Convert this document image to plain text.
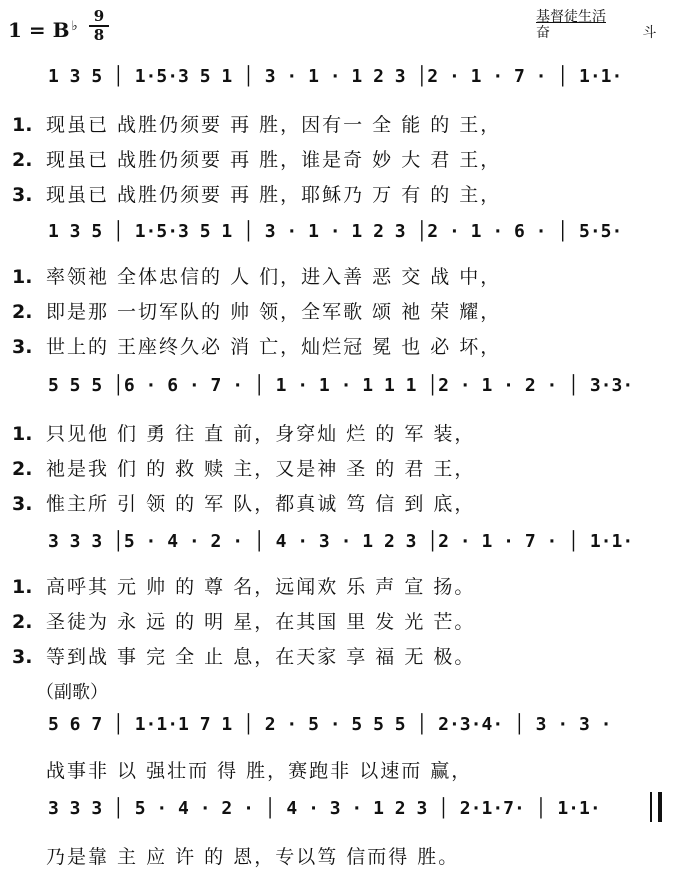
1 = B $^♭ \frac{9}{8}$	基督徒生活
奋 斗
1 3 5 │ 1·5·3 5 1 │ 3 · 1 · 1 2 3 │2 · 1 · 7 · │ 1·1·
1. 现虽已 战胜仍须要 再 胜，因有一 全 能 的 王，
2. 现虽已 战胜仍须要 再 胜，谁是奇 妙 大 君 王，
3. 现虽已 战胜仍须要 再 胜，耶稣乃 万 有 的 主，
1 3 5 │ 1·5·3 5 1 │ 3 · 1 · 1 2 3 │2 · 1 · 6 · │ 5·5·
1. 率领祂 全体忠信的 人 们，进入善 恶 交 战 中，
2. 即是那 一切军队的 帅 领，全军歌 颂 祂 荣 耀，
3. 世上的 王座终久必 消 亡，灿烂冠 冕 也 必 坏，
5 5 5 │6 · 6 · 7 · │ 1 · 1 · 1 1 1 │2 · 1 · 2 · │ 3·3·
1. 只见他 们 勇 往 直 前，身穿灿 烂 的 军 装，
2. 祂是我 们 的 救 赎 主，又是神 圣 的 君 王，
3. 惟主所 引 领 的 军 队，都真诚 笃 信 到 底，
3 3 3 │5 · 4 · 2 · │ 4 · 3 · 1 2 3 │2 · 1 · 7 · │ 1·1·
1. 高呼其 元 帅 的 尊 名，远闻欢 乐 声 宣 扬。
2. 圣徒为 永 远 的 明 星，在其国 里 发 光 芒。
3. 等到战 事 完 全 止 息，在天家 享 福 无 极。
（副歌）
5 6 7 │ 1·1·1 7 1 │ 2 · 5 · 5 5 5 │ 2·3·4· │ 3 · 3 ·
战事非 以 强壮而 得 胜，赛跑非 以速而 赢，
3 3 3 │ 5 · 4 · 2 · │ 4 · 3 · 1 2 3 │ 2·1·7· │ 1·1·
乃是靠 主 应 许 的 恩，专以笃 信而得 胜。
